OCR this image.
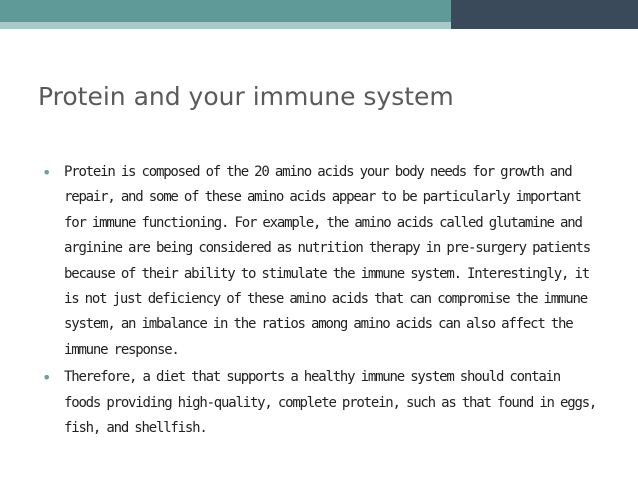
Protein and your immune system
• Protein is composed of the 20 amino acids your body needs for growth and repair, and some of these amino acids appear to be particularly important for immune functioning. For example, the amino acids called glutamine and arginine are being considered as nutrition therapy in pre-surgery patients because of their ability to stimulate the immune system. Interestingly, it is not just deficiency of these amino acids that can compromise the immune system, an imbalance in the ratios among amino acids can also affect the immune response.
• Therefore, a diet that supports a healthy immune system should contain foods providing high-quality, complete protein, such as that found in eggs, fish, and shellfish.
